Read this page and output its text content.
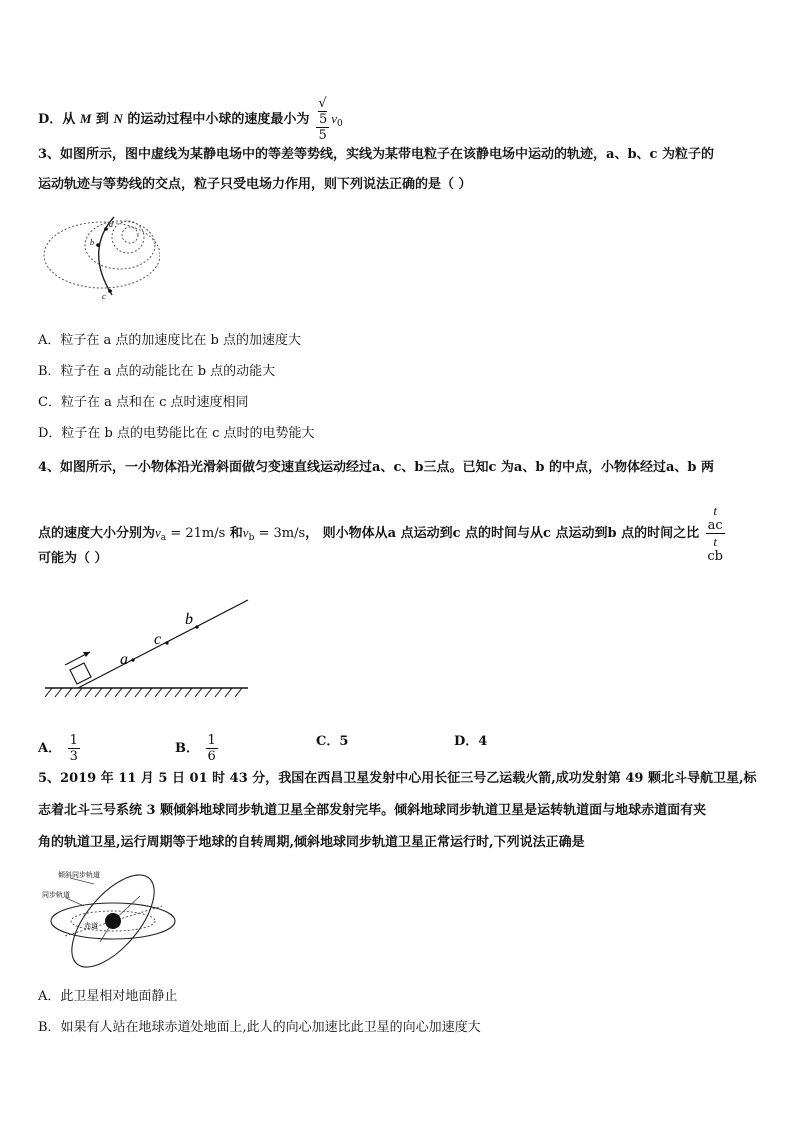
D．从 M 到 N 的运动过程中小球的速度最小为 √
5
5 $v_0$
3、如图所示，图中虚线为某静电场中的等差等势线，实线为某带电粒子在该静电场中运动的轨迹，a、b、c 为粒子的
运动轨迹与等势线的交点，粒子只受电场力作用，则下列说法正确的是（ ）
a
b
c
A．粒子在 a 点的加速度比在 b 点的加速度大
B．粒子在 a 点的动能比在 b 点的动能大
C．粒子在 a 点和在 c 点时速度相同
D．粒子在 b 点的电势能比在 c 点时的电势能大
4、如图所示，一小物体沿光滑斜面做匀变速直线运动经过a、c、b三点。已知c 为a、b 的中点，小物体经过a、b 两
点的速度大小分别为$v_a = 21m/s$ 和$v_b = 3m/s$， 则小物体从a 点运动到c 点的时间与从c 点运动到b 点的时间之比 t
ac
t
cb
可能为（ ）
a
c
b
A． $\frac{1}{3}$	B． $\frac{1}{6}$	C．5	D．4
5、2019 年 11 月 5 日 01 时 43 分，我国在西昌卫星发射中心用长征三号乙运载火箭,成功发射第 49 颗北斗导航卫星,标
志着北斗三号系统 3 颗倾斜地球同步轨道卫星全部发射完毕。倾斜地球同步轨道卫星是运转轨道面与地球赤道面有夹
角的轨道卫星,运行周期等于地球的自转周期,倾斜地球同步轨道卫星正常运行时,下列说法正确是
倾斜同步轨道
同步轨道
赤道
A．此卫星相对地面静止
B．如果有人站在地球赤道处地面上,此人的向心加速比此卫星的向心加速度大
